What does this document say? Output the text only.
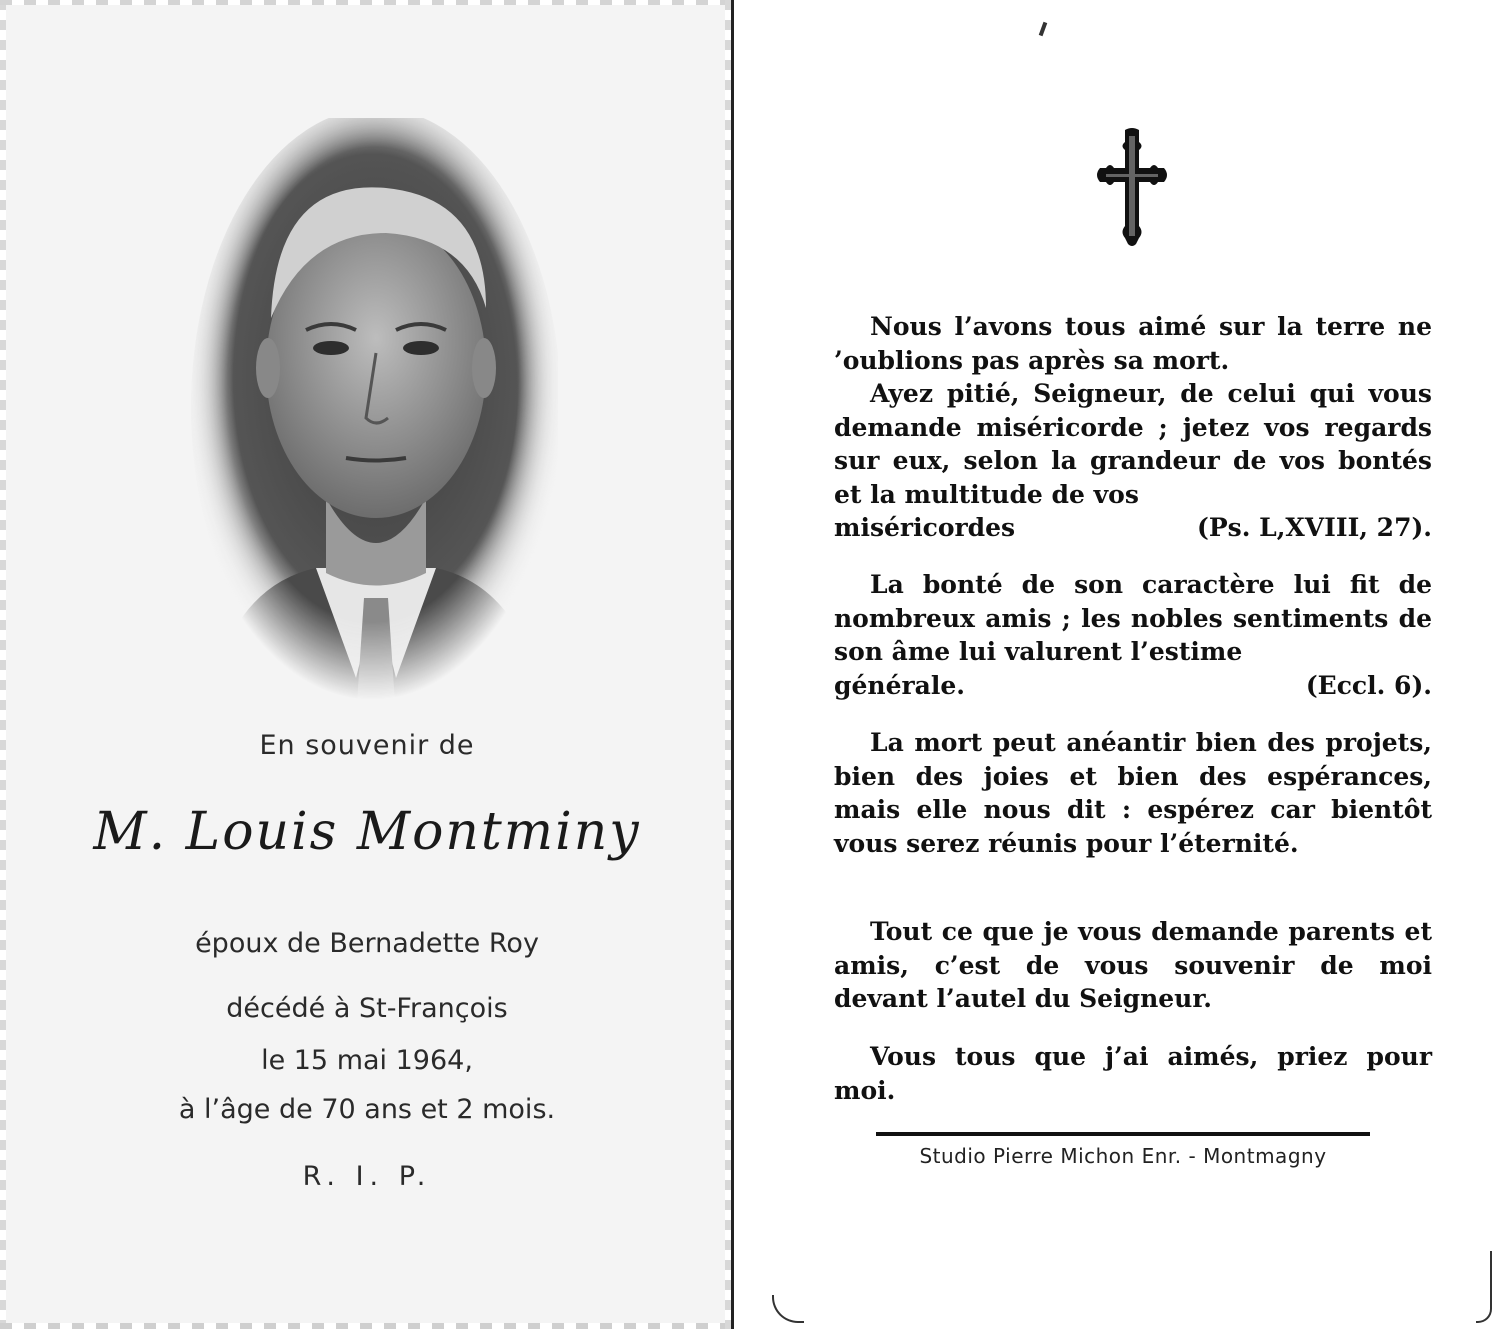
En souvenir de
M. Louis Montminy
époux de Bernadette Roy
décédé à St-François
le 15 mai 1964,
à l’âge de 70 ans et 2 mois.
R. I. P.

Nous l’avons tous aimé sur la terre ne ’oublions pas après sa mort.

Ayez pitié, Seigneur, de celui qui vous demande miséricorde ; jetez vos regards sur eux, selon la grandeur de vos bontés et la multitude de vos

miséricordes	(Ps. L,XVIII, 27).

La bonté de son caractère lui fit de nombreux amis ; les nobles sentiments de son âme lui valurent l’estime

générale.	(Eccl. 6).

La mort peut anéantir bien des projets, bien des joies et bien des espérances, mais elle nous dit : espérez car bientôt vous serez réunis pour l’éternité.

Tout ce que je vous demande parents et amis, c’est de vous souvenir de moi devant l’autel du Seigneur.

Vous tous que j’ai aimés, priez pour moi.

Studio Pierre Michon Enr. - Montmagny
